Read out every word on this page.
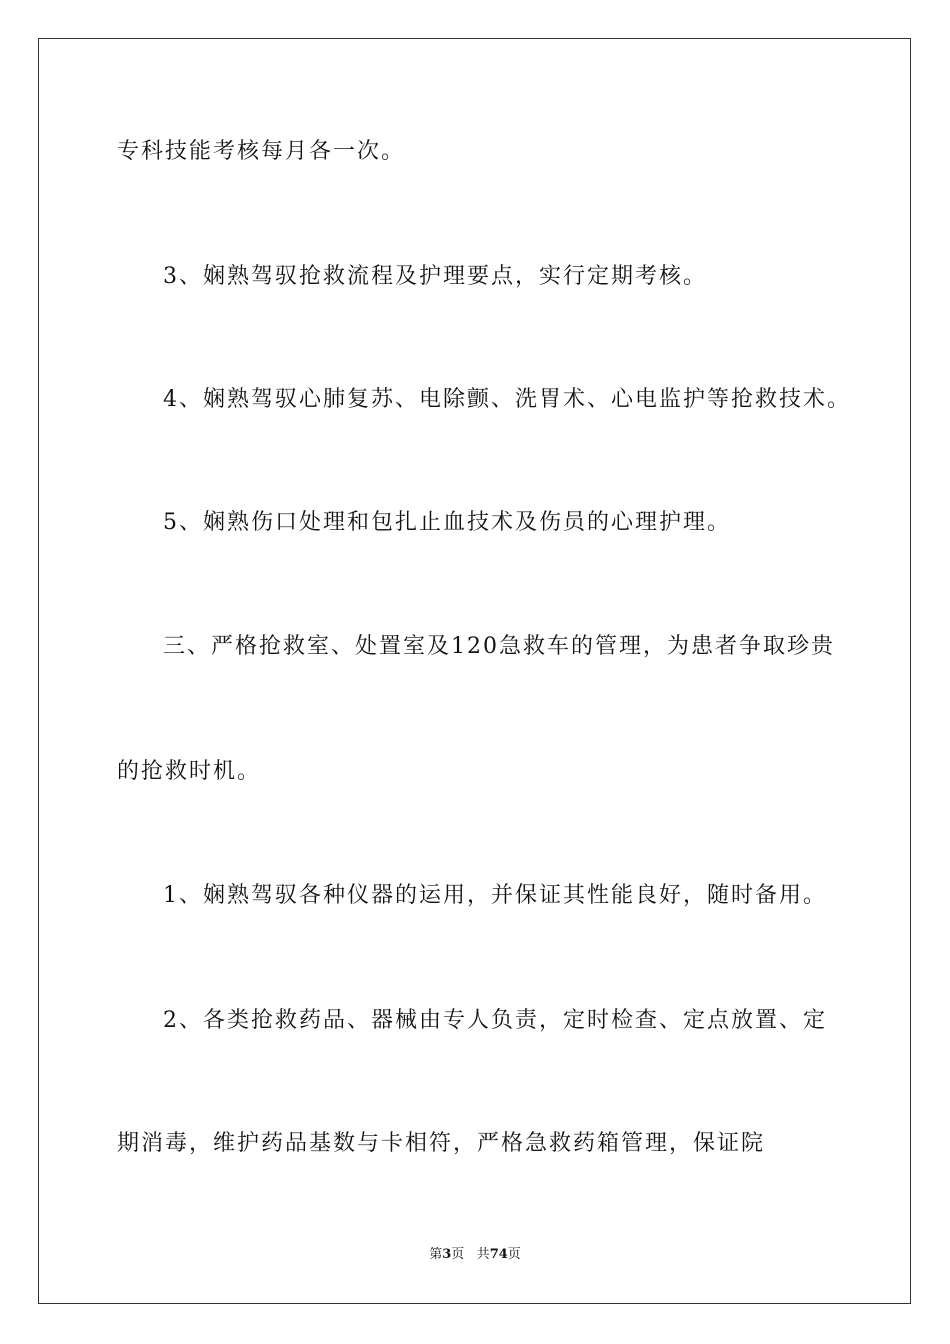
专科技能考核每月各一次。
3、娴熟驾驭抢救流程及护理要点，实行定期考核。
4、娴熟驾驭心肺复苏、电除颤、洗胃术、心电监护等抢救技术。
5、娴熟伤口处理和包扎止血技术及伤员的心理护理。
三、严格抢救室、处置室及120急救车的管理，为患者争取珍贵
的抢救时机。
1、娴熟驾驭各种仪器的运用，并保证其性能良好，随时备用。
2、各类抢救药品、器械由专人负责，定时检查、定点放置、定
期消毒，维护药品基数与卡相符，严格急救药箱管理，保证院
第3页 共74页
